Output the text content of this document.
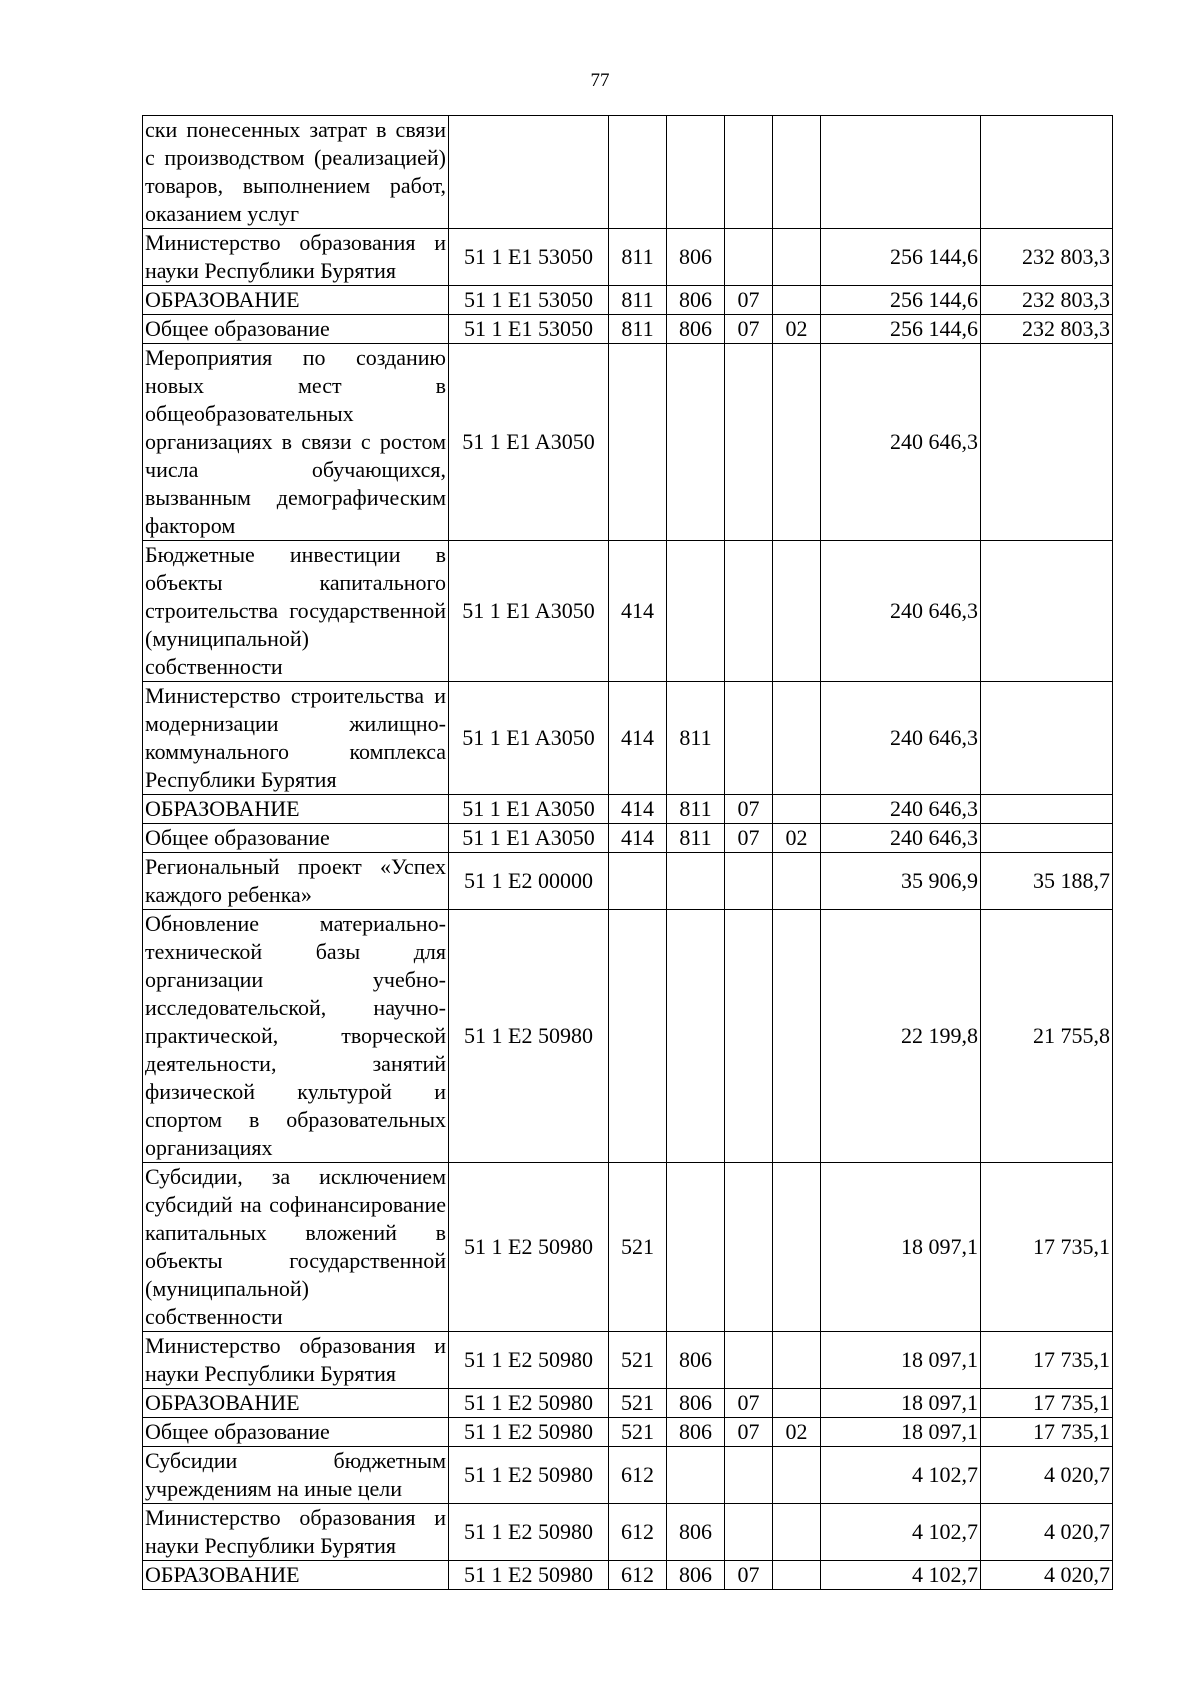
77
ски понесенных затрат в связи с производством (реализацией) товаров, выполнением работ, оказанием услуг							
Министерство образования и науки Республики Бурятия	51 1 E1 53050	811	806			256 144,6	232 803,3
ОБРАЗОВАНИЕ	51 1 E1 53050	811	806	07		256 144,6	232 803,3
Общее образование	51 1 E1 53050	811	806	07	02	256 144,6	232 803,3
Мероприятия по созданию новых мест в общеобразовательных организациях в связи с ростом числа обучающихся, вызванным демографическим фактором	51 1 E1 A3050					240 646,3	
Бюджетные инвестиции в объекты капитального строительства государственной (муниципальной) собственности	51 1 E1 A3050	414				240 646,3	
Министерство строительства и модернизации жилищно-коммунального комплекса Республики Бурятия	51 1 E1 A3050	414	811			240 646,3	
ОБРАЗОВАНИЕ	51 1 E1 A3050	414	811	07		240 646,3	
Общее образование	51 1 E1 A3050	414	811	07	02	240 646,3	
Региональный проект «Успех каждого ребенка»	51 1 E2 00000					35 906,9	35 188,7
Обновление материально-технической базы для организации учебно-исследовательской, научно-практической, творческой деятельности, занятий физической культурой и спортом в образовательных организациях	51 1 E2 50980					22 199,8	21 755,8
Субсидии, за исключением субсидий на софинансирование капитальных вложений в объекты государственной (муниципальной) собственности	51 1 E2 50980	521				18 097,1	17 735,1
Министерство образования и науки Республики Бурятия	51 1 E2 50980	521	806			18 097,1	17 735,1
ОБРАЗОВАНИЕ	51 1 E2 50980	521	806	07		18 097,1	17 735,1
Общее образование	51 1 E2 50980	521	806	07	02	18 097,1	17 735,1
Субсидии бюджетным учреждениям на иные цели	51 1 E2 50980	612				4 102,7	4 020,7
Министерство образования и науки Республики Бурятия	51 1 E2 50980	612	806			4 102,7	4 020,7
ОБРАЗОВАНИЕ	51 1 E2 50980	612	806	07		4 102,7	4 020,7
